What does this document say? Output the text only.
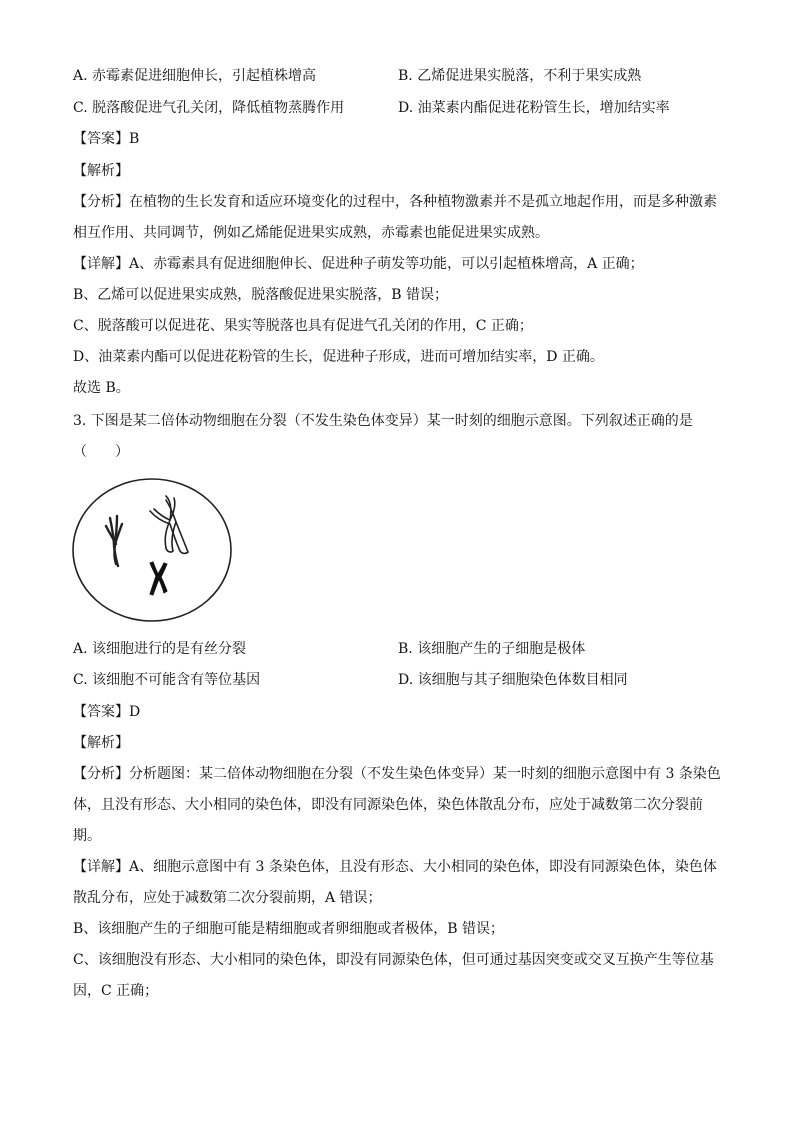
A. 赤霉素促进细胞伸长，引起植株增高	B. 乙烯促进果实脱落，不利于果实成熟
C. 脱落酸促进气孔关闭，降低植物蒸腾作用	D. 油菜素内酯促进花粉管生长，增加结实率
【答案】B
【解析】
【分析】在植物的生长发育和适应环境变化的过程中，各种植物激素并不是孤立地起作用，而是多种激素
相互作用、共同调节，例如乙烯能促进果实成熟，赤霉素也能促进果实成熟。
【详解】A、赤霉素具有促进细胞伸长、促进种子萌发等功能，可以引起植株增高，A 正确；
B、乙烯可以促进果实成熟，脱落酸促进果实脱落，B 错误；
C、脱落酸可以促进花、果实等脱落也具有促进气孔关闭的作用，C 正确；
D、油菜素内酯可以促进花粉管的生长，促进种子形成，进而可增加结实率，D 正确。
故选 B。
3. 下图是某二倍体动物细胞在分裂（不发生染色体变异）某一时刻的细胞示意图。下列叙述正确的是
（　　）
A. 该细胞进行的是有丝分裂	B. 该细胞产生的子细胞是极体
C. 该细胞不可能含有等位基因	D. 该细胞与其子细胞染色体数目相同
【答案】D
【解析】
【分析】分析题图：某二倍体动物细胞在分裂（不发生染色体变异）某一时刻的细胞示意图中有 3 条染色
体，且没有形态、大小相同的染色体，即没有同源染色体，染色体散乱分布，应处于减数第二次分裂前
期。
【详解】A、细胞示意图中有 3 条染色体，且没有形态、大小相同的染色体，即没有同源染色体，染色体
散乱分布，应处于减数第二次分裂前期，A 错误；
B、该细胞产生的子细胞可能是精细胞或者卵细胞或者极体，B 错误；
C、该细胞没有形态、大小相同的染色体，即没有同源染色体，但可通过基因突变或交叉互换产生等位基
因，C 正确；
